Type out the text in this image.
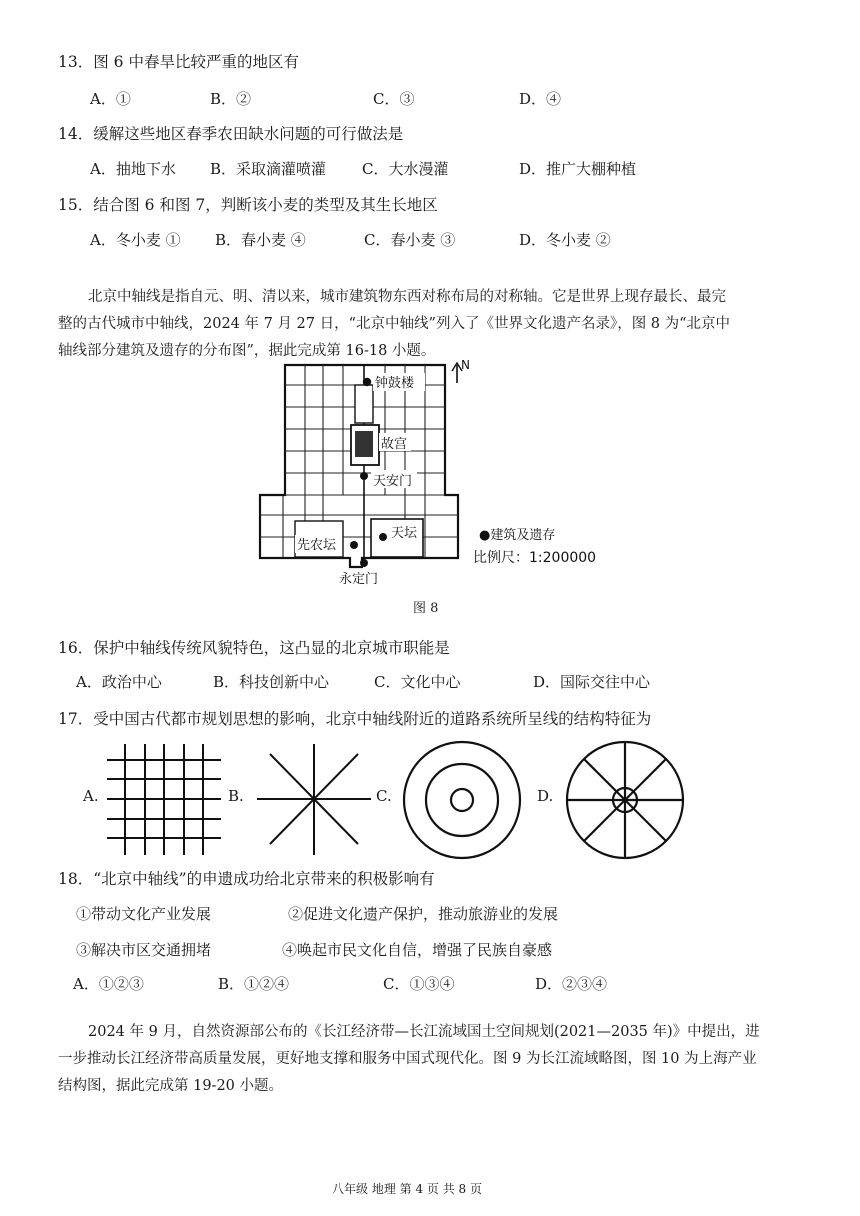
13．图 6 中春旱比较严重的地区有
A．①	B．②	C．③	D．④
14．缓解这些地区春季农田缺水问题的可行做法是
A．抽地下水 B．采取滴灌喷灌 C．大水漫灌	D．推广大棚种植
15．结合图 6 和图 7，判断该小麦的类型及其生长地区
A．冬小麦 ① B．春小麦 ④	C．春小麦 ③	D．冬小麦 ②
北京中轴线是指自元、明、清以来，城市建筑物东西对称布局的对称轴。它是世界上现存最长、最完
整的古代城市中轴线，2024 年 7 月 27 日，“北京中轴线”列入了《世界文化遗产名录》，图 8 为“北京中
轴线部分建筑及遗存的分布图”，据此完成第 16-18 小题。
钟鼓楼
故宫
天安门
天坛
先农坛
永定门
N
●建筑及遗存
比例尺：1:200000
图 8
16．保护中轴线传统风貌特色，这凸显的北京城市职能是
A．政治中心	B．科技创新中心	C．文化中心	D．国际交往中心
17．受中国古代都市规划思想的影响，北京中轴线附近的道路系统所呈线的结构特征为
A.	B.	C.	D.
18．“北京中轴线”的申遗成功给北京带来的积极影响有
①带动文化产业发展	②促进文化遗产保护，推动旅游业的发展
③解决市区交通拥堵	④唤起市民文化自信，增强了民族自豪感
A．①②③	B．①②④	C．①③④	D．②③④
2024 年 9 月，自然资源部公布的《长江经济带—长江流域国土空间规划(2021—2035 年)》中提出，进
一步推动长江经济带高质量发展，更好地支撑和服务中国式现代化。图 9 为长江流域略图，图 10 为上海产业
结构图，据此完成第 19-20 小题。
八年级 地理 第 4 页 共 8 页
